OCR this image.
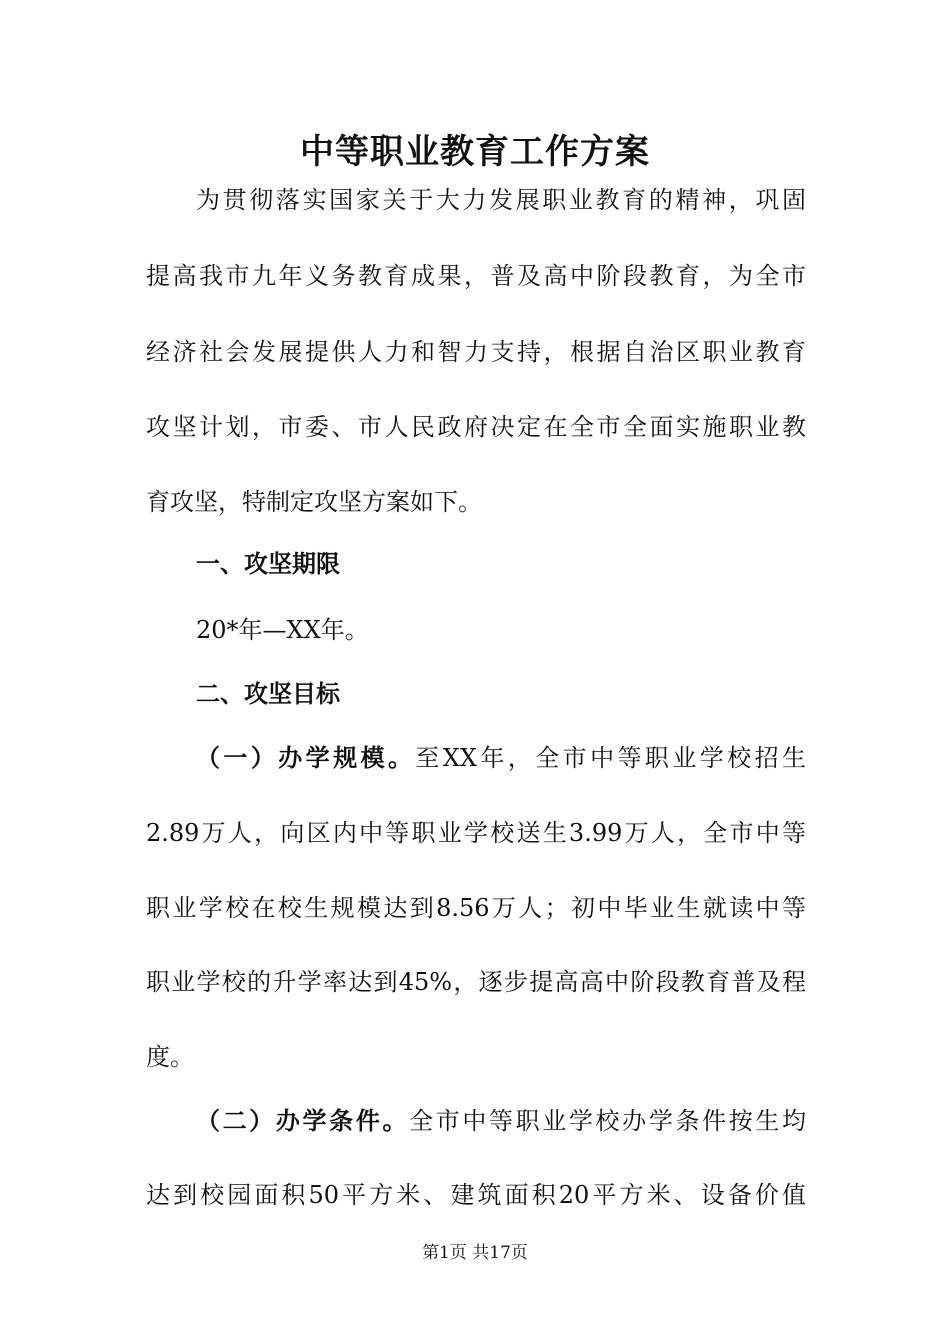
中等职业教育工作方案

为贯彻落实国家关于大力发展职业教育的精神，巩固

提高我市九年义务教育成果，普及高中阶段教育，为全市

经济社会发展提供人力和智力支持，根据自治区职业教育

攻坚计划，市委、市人民政府决定在全市全面实施职业教

育攻坚，特制定攻坚方案如下。

一、攻坚期限

20*年—XX年。

二、攻坚目标

（一）办学规模。至XX年，全市中等职业学校招生

2.89万人，向区内中等职业学校送生3.99万人，全市中等

职业学校在校生规模达到8.56万人；初中毕业生就读中等

职业学校的升学率达到45%，逐步提高高中阶段教育普及程

度。

（二）办学条件。全市中等职业学校办学条件按生均

达到校园面积50平方米、建筑面积20平方米、设备价值

第1页 共17页
